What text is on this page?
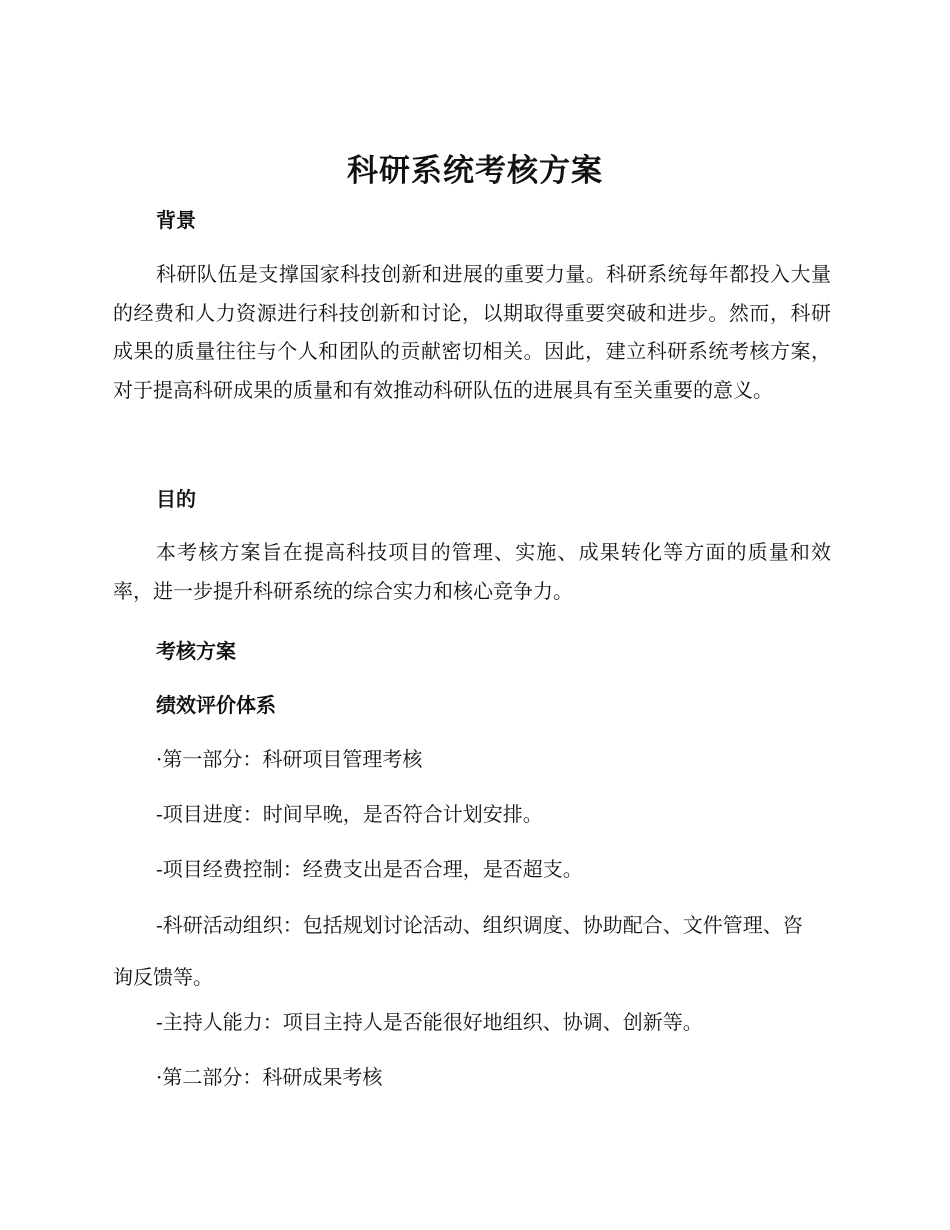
科研系统考核方案
背景

科研队伍是支撑国家科技创新和进展的重要力量。科研系统每年都投入大量的经费和人力资源进行科技创新和讨论，以期取得重要突破和进步。然而，科研成果的质量往往与个人和团队的贡献密切相关。因此，建立科研系统考核方案，对于提高科研成果的质量和有效推动科研队伍的进展具有至关重要的意义。

目的

本考核方案旨在提高科技项目的管理、实施、成果转化等方面的质量和效率，进一步提升科研系统的综合实力和核心竞争力。

考核方案
绩效评价体系

·第一部分：科研项目管理考核

-项目进度：时间早晚，是否符合计划安排。

-项目经费控制：经费支出是否合理，是否超支。

-科研活动组织：包括规划讨论活动、组织调度、协助配合、文件管理、咨询反馈等。

-主持人能力：项目主持人是否能很好地组织、协调、创新等。

·第二部分：科研成果考核
